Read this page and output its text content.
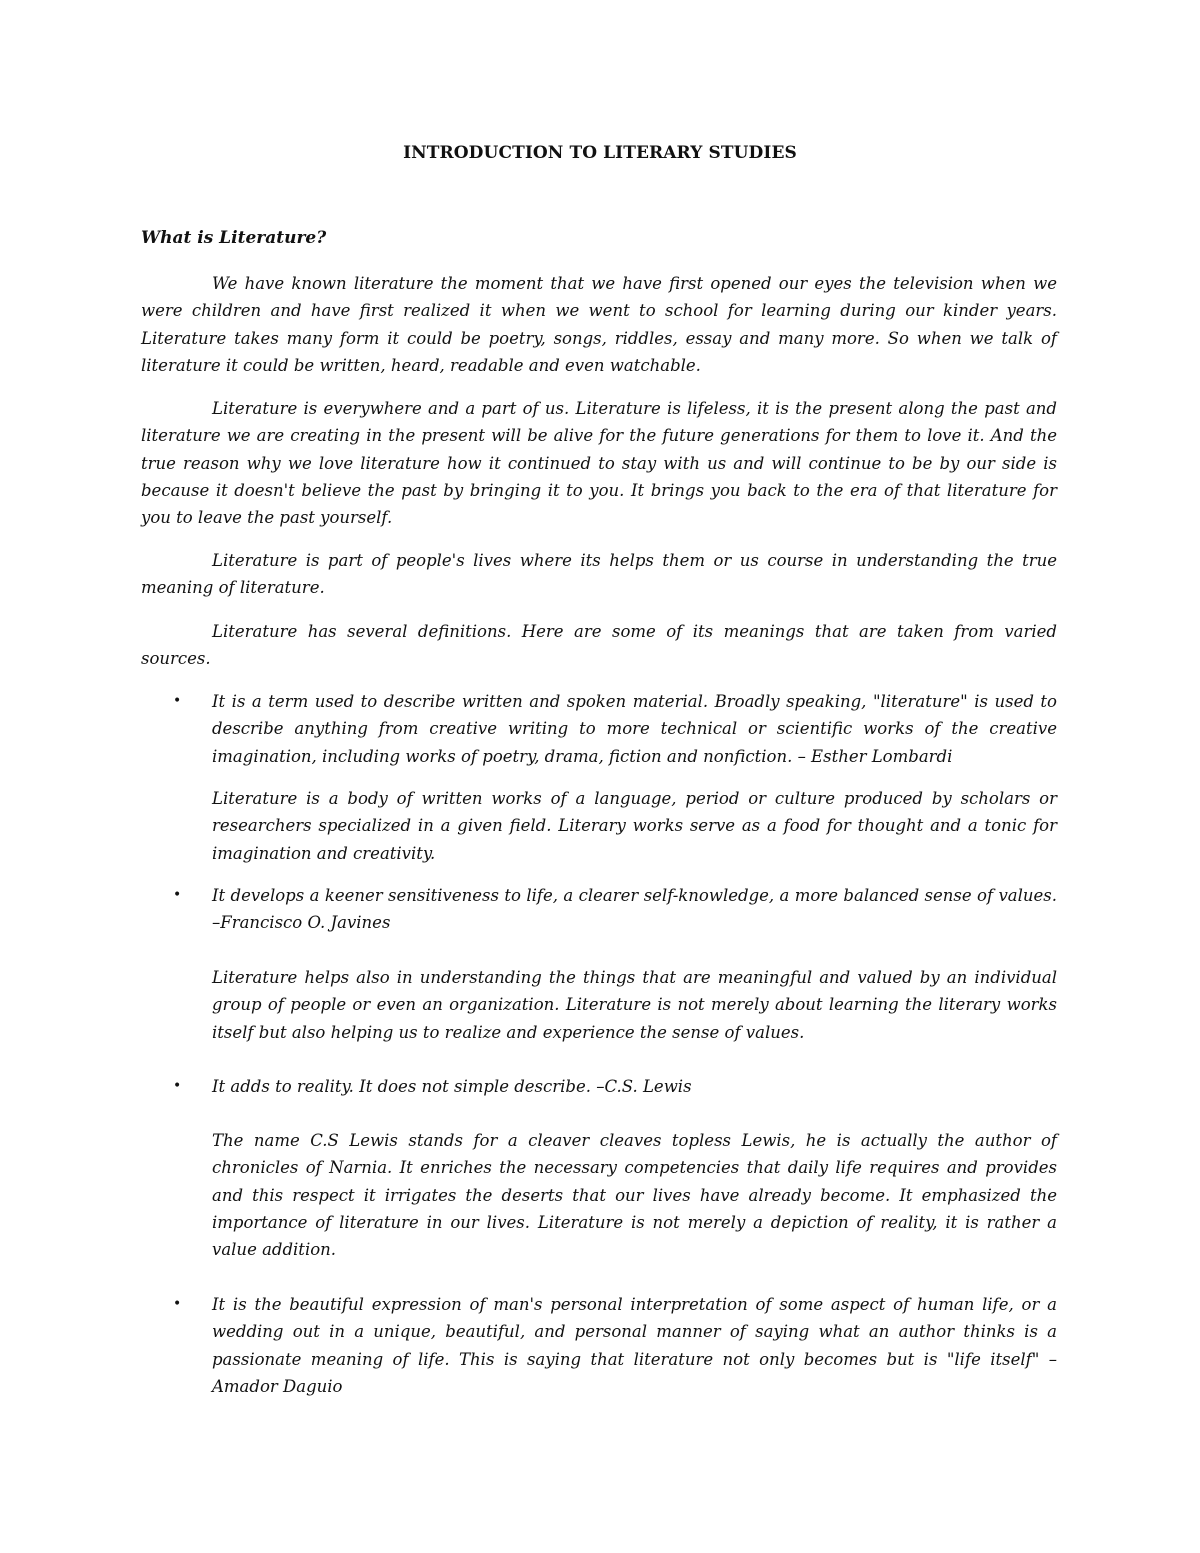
INTRODUCTION TO LITERARY STUDIES
What is Literature?

We have known literature the moment that we have first opened our eyes the television when we were children and have first realized it when we went to school for learning during our kinder years. Literature takes many form it could be poetry, songs, riddles, essay and many more. So when we talk of literature it could be written, heard, readable and even watchable.

Literature is everywhere and a part of us. Literature is lifeless, it is the present along the past and literature we are creating in the present will be alive for the future generations for them to love it. And the true reason why we love literature how it continued to stay with us and will continue to be by our side is because it doesn't believe the past by bringing it to you. It brings you back to the era of that literature for you to leave the past yourself.

Literature is part of people's lives where its helps them or us course in understanding the true meaning of literature.

Literature has several definitions. Here are some of its meanings that are taken from varied sources.

• It is a term used to describe written and spoken material. Broadly speaking, "literature" is used to describe anything from creative writing to more technical or scientific works of the creative imagination, including works of poetry, drama, fiction and nonfiction. – Esther Lombardi

Literature is a body of written works of a language, period or culture produced by scholars or researchers specialized in a given field. Literary works serve as a food for thought and a tonic for imagination and creativity.

• It develops a keener sensitiveness to life, a clearer self-knowledge, a more balanced sense of values. –Francisco O. Javines

Literature helps also in understanding the things that are meaningful and valued by an individual group of people or even an organization. Literature is not merely about learning the literary works itself but also helping us to realize and experience the sense of values.

• It adds to reality. It does not simple describe. –C.S. Lewis

The name C.S Lewis stands for a cleaver cleaves topless Lewis, he is actually the author of chronicles of Narnia. It enriches the necessary competencies that daily life requires and provides and this respect it irrigates the deserts that our lives have already become. It emphasized the importance of literature in our lives. Literature is not merely a depiction of reality, it is rather a value addition.

• It is the beautiful expression of man's personal interpretation of some aspect of human life, or a wedding out in a unique, beautiful, and personal manner of saying what an author thinks is a passionate meaning of life. This is saying that literature not only becomes but is "life itself" – Amador Daguio
